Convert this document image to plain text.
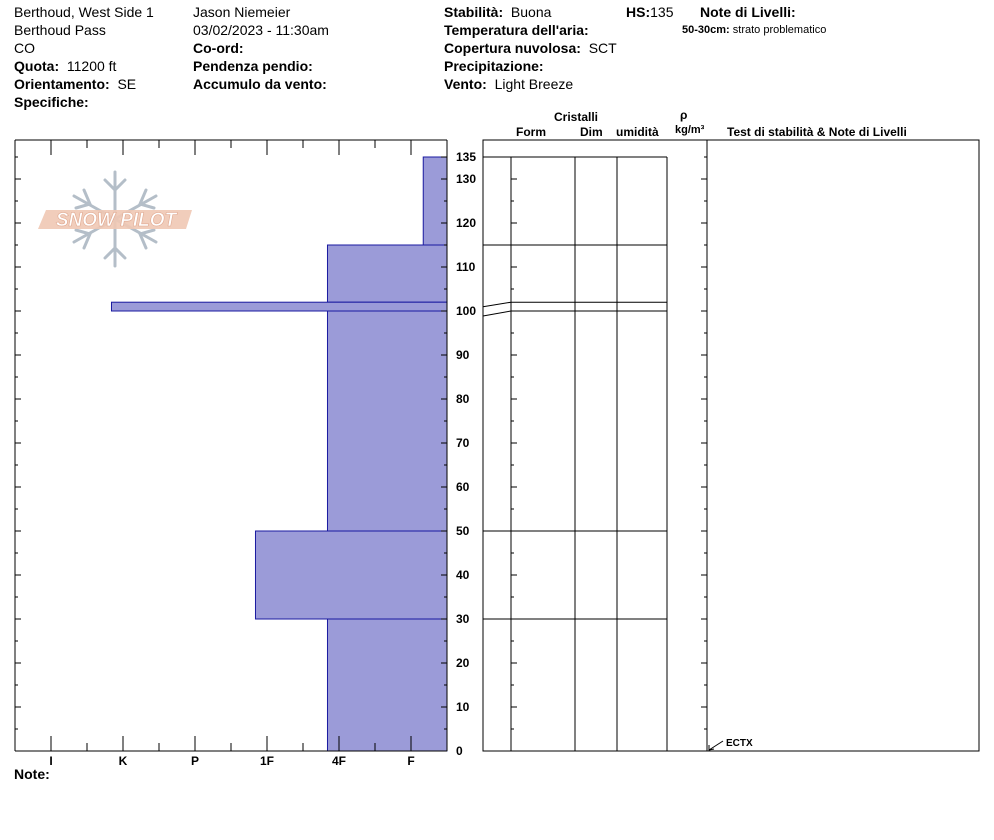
Berthoud, West Side 1
Berthoud Pass
CO
Quota: 11200 ft
Orientamento: SE
Specifiche:
Jason Niemeier
03/02/2023 - 11:30am
Co-ord:
Pendenza pendio:
Accumulo da vento:
Stabilità: Buona
Temperatura dell'aria:
Copertura nuvolosa: SCT
Precipitazione:
Vento: Light Breeze
HS:135 Note di Livelli:
50-30cm: strato problematico
Cristalli
Form	Dim umidità
ρ
kg/m³ Test di stabilità & Note di Livelli
Note:
SNOW PILOT
I	K	P	1F	4F	F
0
10
20
30
40
50
60
70
80
90
100
110
120
130
135
ECTX
